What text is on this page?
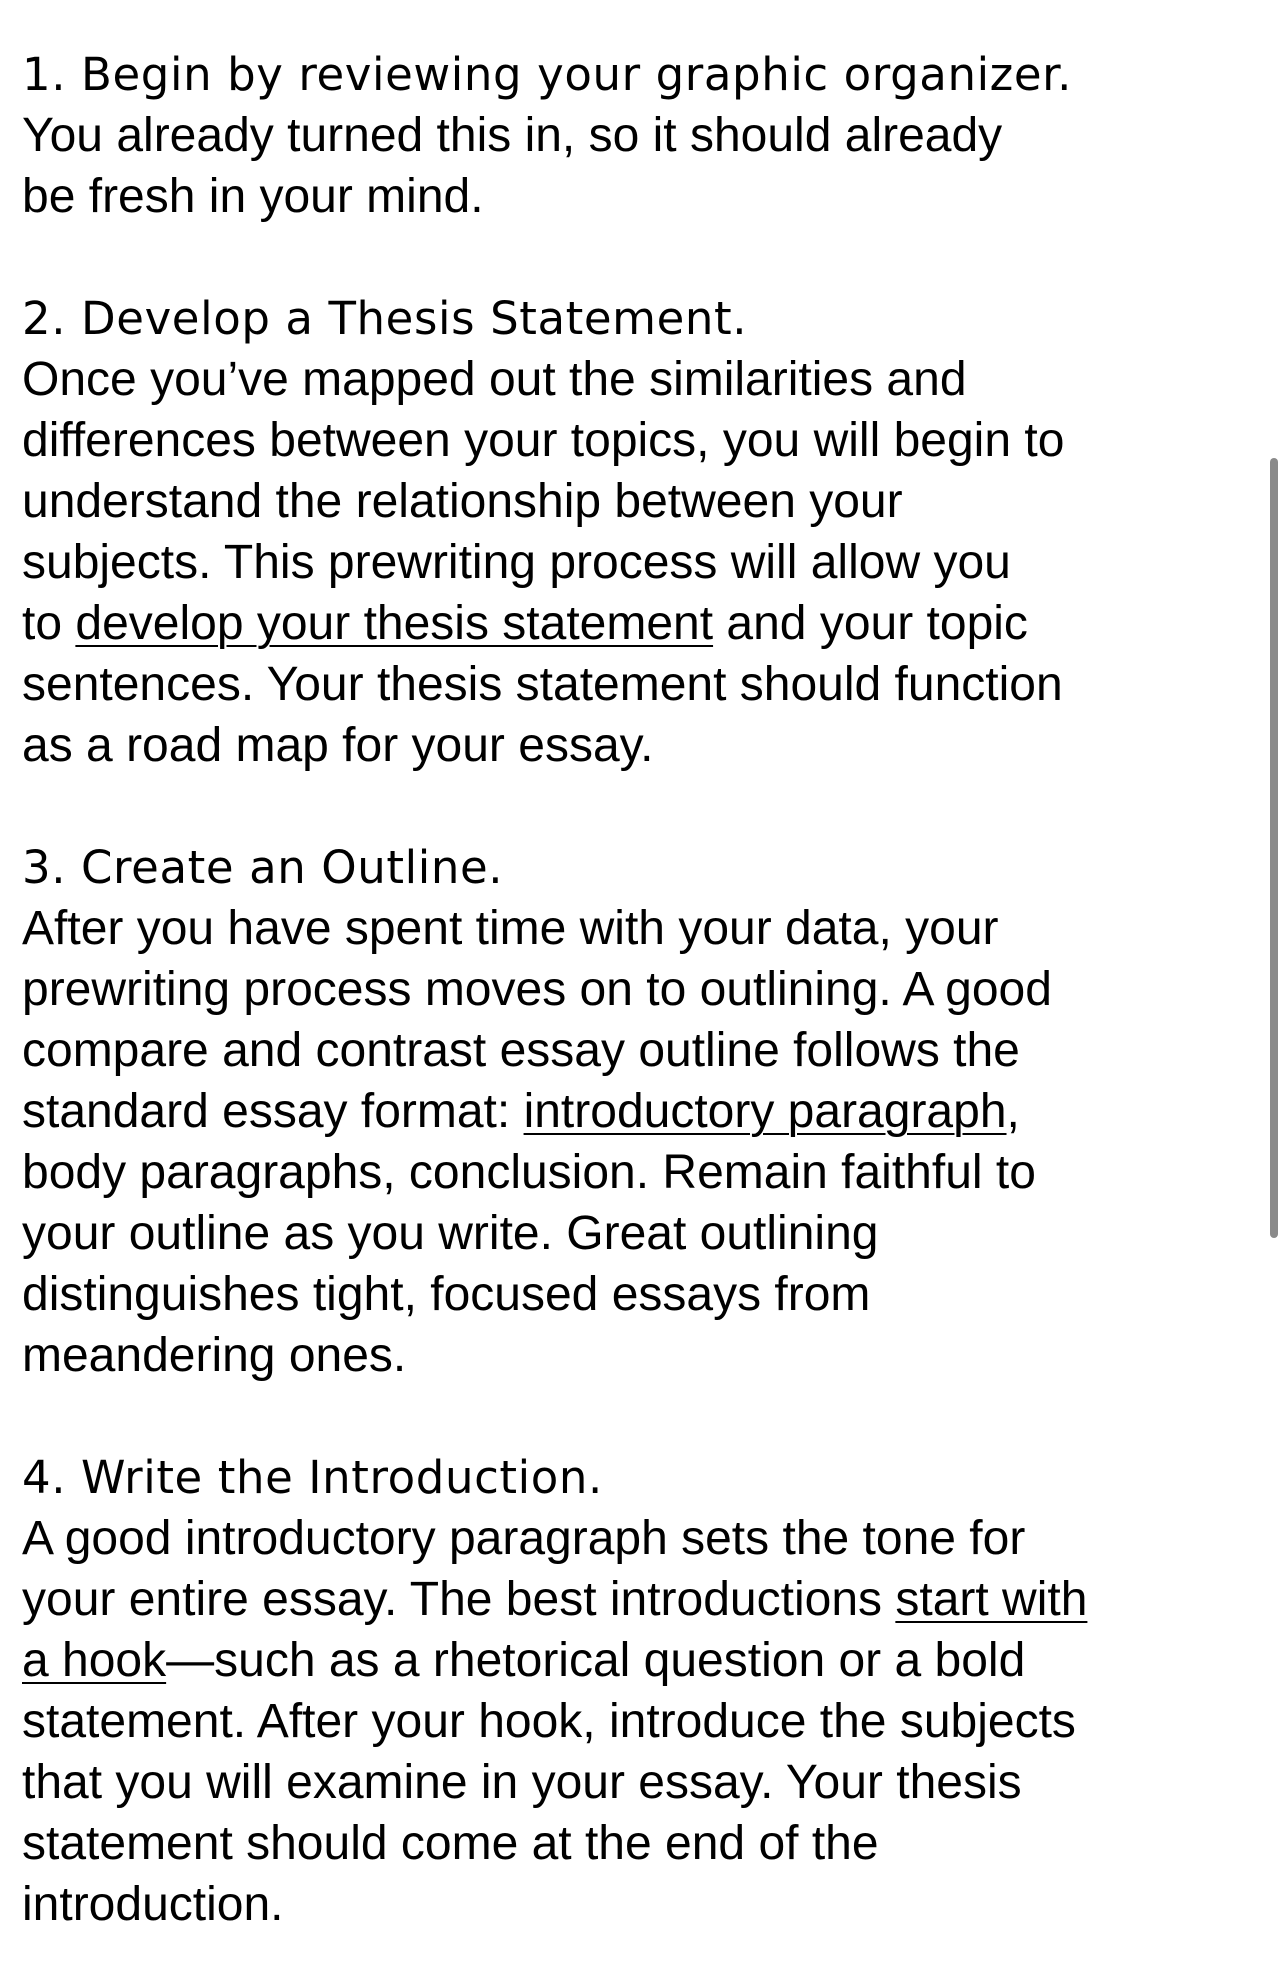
1. Begin by reviewing your graphic organizer.
You already turned this in, so it should already
be fresh in your mind.
2. Develop a Thesis Statement.
Once you’ve mapped out the similarities and
differences between your topics, you will begin to
understand the relationship between your
subjects. This prewriting process will allow you
to develop your thesis statement and your topic
sentences. Your thesis statement should function
as a road map for your essay.
3. Create an Outline.
After you have spent time with your data, your
prewriting process moves on to outlining. A good
compare and contrast essay outline follows the
standard essay format: introductory paragraph,
body paragraphs, conclusion. Remain faithful to
your outline as you write. Great outlining
distinguishes tight, focused essays from
meandering ones.
4. Write the Introduction.
A good introductory paragraph sets the tone for
your entire essay. The best introductions start with
a hook—such as a rhetorical question or a bold
statement. After your hook, introduce the subjects
that you will examine in your essay. Your thesis
statement should come at the end of the
introduction.
